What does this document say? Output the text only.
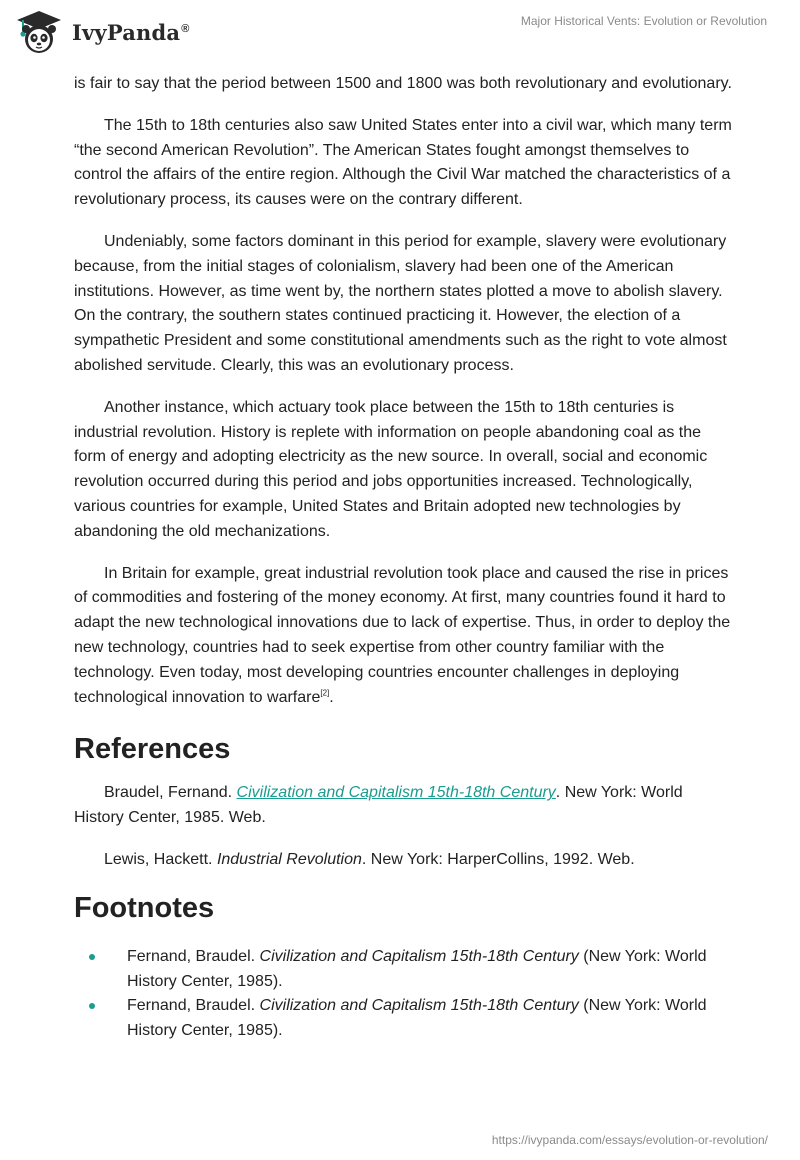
IvyPanda®
Major Historical Vents: Evolution or Revolution

is fair to say that the period between 1500 and 1800 was both revolutionary and evolutionary.

The 15th to 18th centuries also saw United States enter into a civil war, which many term “the second American Revolution”. The American States fought amongst themselves to control the affairs of the entire region. Although the Civil War matched the characteristics of a revolutionary process, its causes were on the contrary different.

Undeniably, some factors dominant in this period for example, slavery were evolutionary because, from the initial stages of colonialism, slavery had been one of the American institutions. However, as time went by, the northern states plotted a move to abolish slavery. On the contrary, the southern states continued practicing it. However, the election of a sympathetic President and some constitutional amendments such as the right to vote almost abolished servitude. Clearly, this was an evolutionary process.

Another instance, which actuary took place between the 15th to 18th centuries is industrial revolution. History is replete with information on people abandoning coal as the form of energy and adopting electricity as the new source. In overall, social and economic revolution occurred during this period and jobs opportunities increased. Technologically, various countries for example, United States and Britain adopted new technologies by abandoning the old mechanizations.

In Britain for example, great industrial revolution took place and caused the rise in prices of commodities and fostering of the money economy. At first, many countries found it hard to adapt the new technological innovations due to lack of expertise. Thus, in order to deploy the new technology, countries had to seek expertise from other country familiar with the technology. Even today, most developing countries encounter challenges in deploying technological innovation to warfare[2].

References

Braudel, Fernand. Civilization and Capitalism 15th-18th Century. New York: World History Center, 1985. Web.

Lewis, Hackett. Industrial Revolution. New York: HarperCollins, 1992. Web.

Footnotes
Fernand, Braudel. Civilization and Capitalism 15th-18th Century (New York: World History Center, 1985).
Fernand, Braudel. Civilization and Capitalism 15th-18th Century (New York: World History Center, 1985).
https://ivypanda.com/essays/evolution-or-revolution/
